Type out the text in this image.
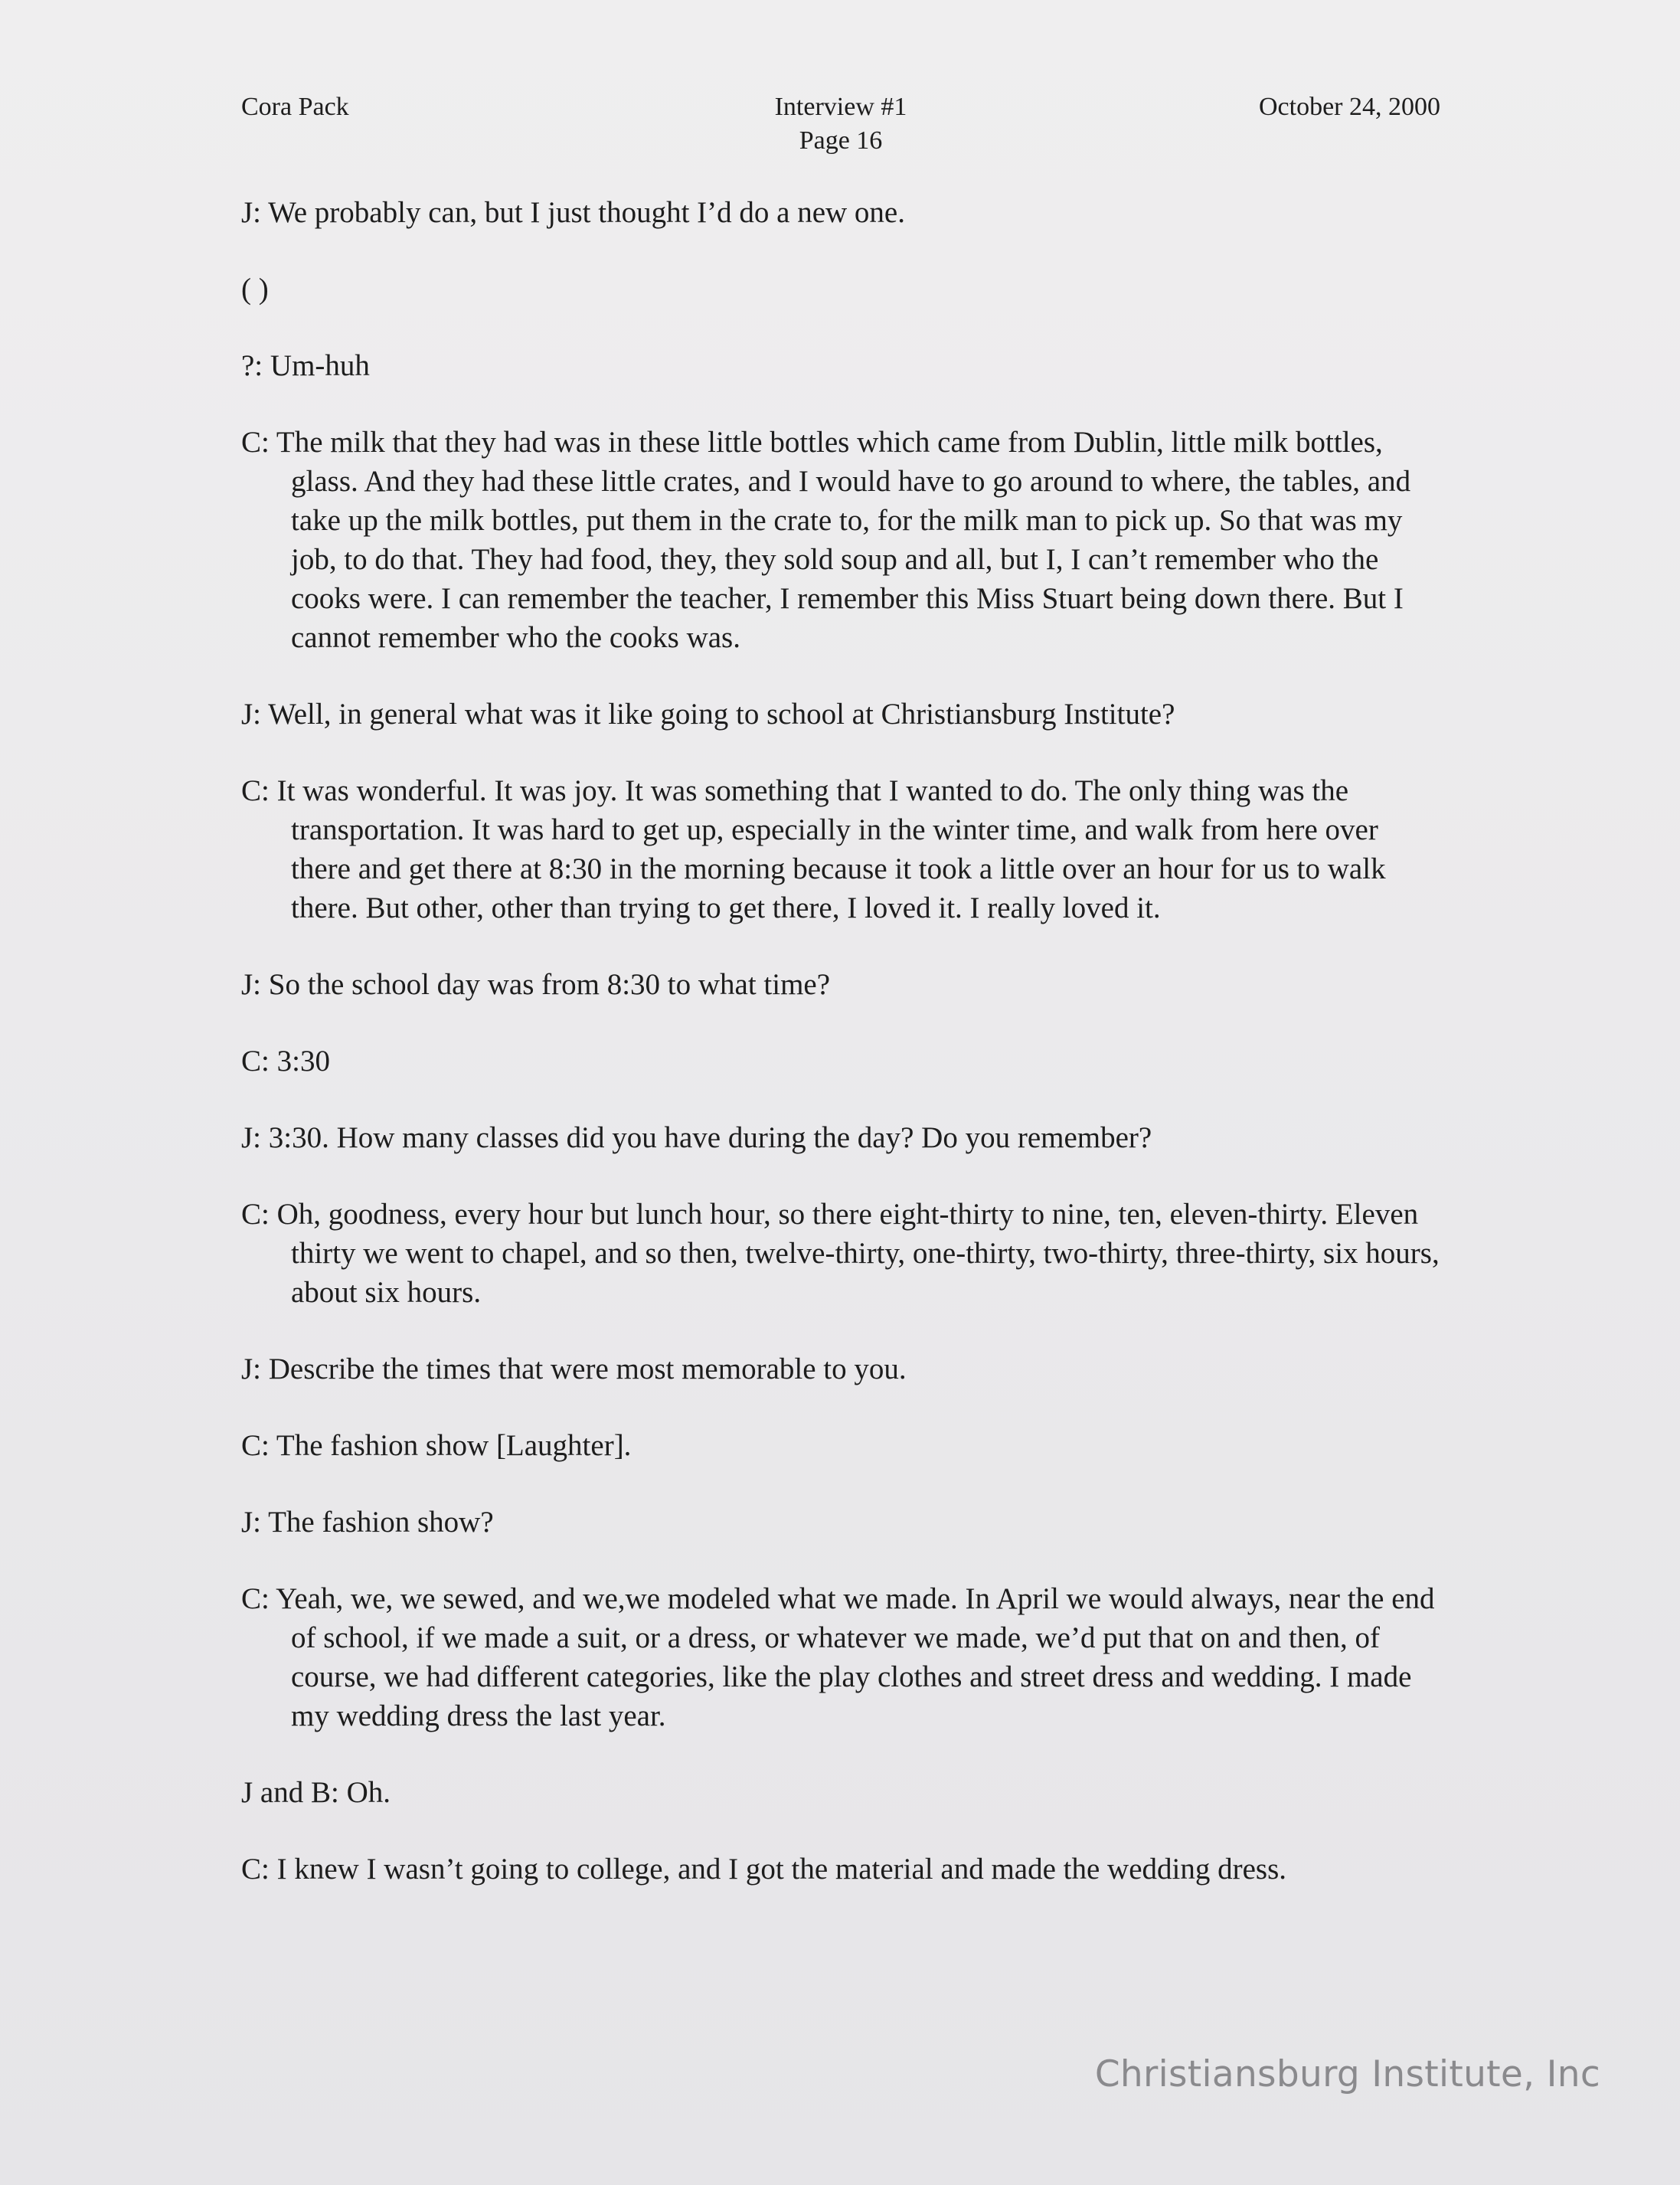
Cora Pack	Interview #1
Page 16
October 24, 2000
J: We probably can, but I just thought I’d do a new one.
( )
?: Um-huh
C: The milk that they had was in these little bottles which came from Dublin, little milk bottles, glass. And they had these little crates, and I would have to go around to where, the tables, and take up the milk bottles, put them in the crate to, for the milk man to pick up. So that was my job, to do that. They had food, they, they sold soup and all, but I, I can’t remember who the cooks were. I can remember the teacher, I remember this Miss Stuart being down there. But I cannot remember who the cooks was.
J: Well, in general what was it like going to school at Christiansburg Institute?
C: It was wonderful. It was joy. It was something that I wanted to do. The only thing was the transportation. It was hard to get up, especially in the winter time, and walk from here over there and get there at 8:30 in the morning because it took a little over an hour for us to walk there. But other, other than trying to get there, I loved it. I really loved it.
J: So the school day was from 8:30 to what time?
C: 3:30
J: 3:30. How many classes did you have during the day? Do you remember?
C: Oh, goodness, every hour but lunch hour, so there eight-thirty to nine, ten, eleven-thirty. Eleven thirty we went to chapel, and so then, twelve-thirty, one-thirty, two-thirty, three-thirty, six hours, about six hours.
J: Describe the times that were most memorable to you.
C: The fashion show [Laughter].
J: The fashion show?
C: Yeah, we, we sewed, and we,we modeled what we made. In April we would always, near the end of school, if we made a suit, or a dress, or whatever we made, we’d put that on and then, of course, we had different categories, like the play clothes and street dress and wedding. I made my wedding dress the last year.
J and B: Oh.
C: I knew I wasn’t going to college, and I got the material and made the wedding dress.
Christiansburg Institute, Inc
